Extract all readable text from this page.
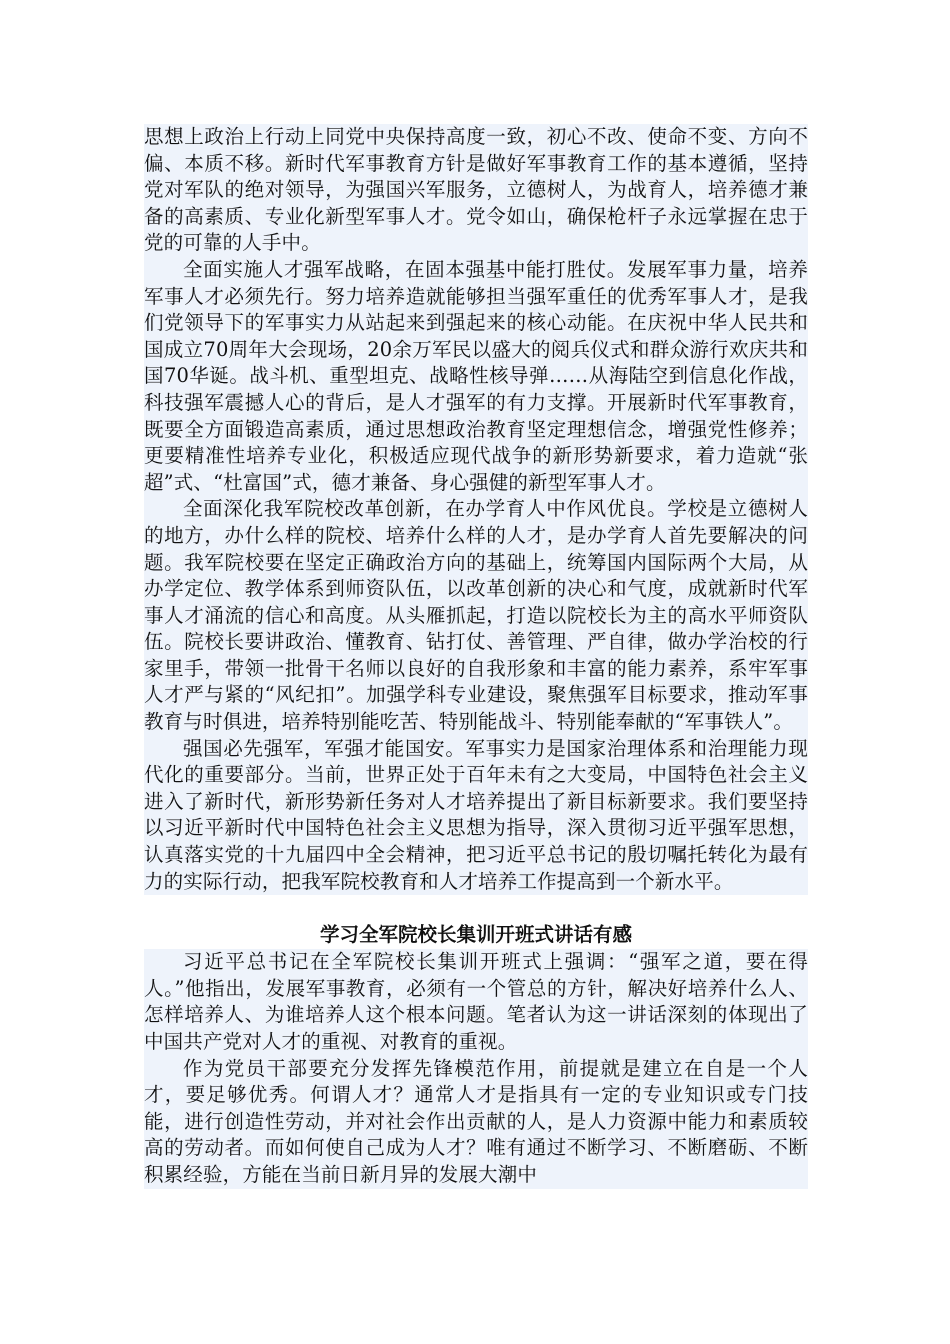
思想上政治上行动上同党中央保持高度一致，初心不改、使命不变、方向不偏、本质不移。新时代军事教育方针是做好军事教育工作的基本遵循，坚持党对军队的绝对领导，为强国兴军服务，立德树人，为战育人，培养德才兼备的高素质、专业化新型军事人才。党令如山，确保枪杆子永远掌握在忠于党的可靠的人手中。

全面实施人才强军战略，在固本强基中能打胜仗。发展军事力量，培养军事人才必须先行。努力培养造就能够担当强军重任的优秀军事人才，是我们党领导下的军事实力从站起来到强起来的核心动能。在庆祝中华人民共和国成立70周年大会现场，20余万军民以盛大的阅兵仪式和群众游行欢庆共和国70华诞。战斗机、重型坦克、战略性核导弹……从海陆空到信息化作战，科技强军震撼人心的背后，是人才强军的有力支撑。开展新时代军事教育，既要全方面锻造高素质，通过思想政治教育坚定理想信念，增强党性修养；更要精准性培养专业化，积极适应现代战争的新形势新要求，着力造就“张超”式、“杜富国”式，德才兼备、身心强健的新型军事人才。

全面深化我军院校改革创新，在办学育人中作风优良。学校是立德树人的地方，办什么样的院校、培养什么样的人才，是办学育人首先要解决的问题。我军院校要在坚定正确政治方向的基础上，统筹国内国际两个大局，从办学定位、教学体系到师资队伍，以改革创新的决心和气度，成就新时代军事人才涌流的信心和高度。从头雁抓起，打造以院校长为主的高水平师资队伍。院校长要讲政治、懂教育、钻打仗、善管理、严自律，做办学治校的行家里手，带领一批骨干名师以良好的自我形象和丰富的能力素养，系牢军事人才严与紧的“风纪扣”。加强学科专业建设，聚焦强军目标要求，推动军事教育与时俱进，培养特别能吃苦、特别能战斗、特别能奉献的“军事铁人”。

强国必先强军，军强才能国安。军事实力是国家治理体系和治理能力现代化的重要部分。当前，世界正处于百年未有之大变局，中国特色社会主义进入了新时代，新形势新任务对人才培养提出了新目标新要求。我们要坚持以习近平新时代中国特色社会主义思想为指导，深入贯彻习近平强军思想，认真落实党的十九届四中全会精神，把习近平总书记的殷切嘱托转化为最有力的实际行动，把我军院校教育和人才培养工作提高到一个新水平。

学习全军院校长集训开班式讲话有感

习近平总书记在全军院校长集训开班式上强调：“强军之道，要在得人。”他指出，发展军事教育，必须有一个管总的方针，解决好培养什么人、怎样培养人、为谁培养人这个根本问题。笔者认为这一讲话深刻的体现出了中国共产党对人才的重视、对教育的重视。

作为党员干部要充分发挥先锋模范作用，前提就是建立在自是一个人才，要足够优秀。何谓人才？通常人才是指具有一定的专业知识或专门技能，进行创造性劳动，并对社会作出贡献的人，是人力资源中能力和素质较高的劳动者。而如何使自己成为人才？唯有通过不断学习、不断磨砺、不断积累经验，方能在当前日新月异的发展大潮中
